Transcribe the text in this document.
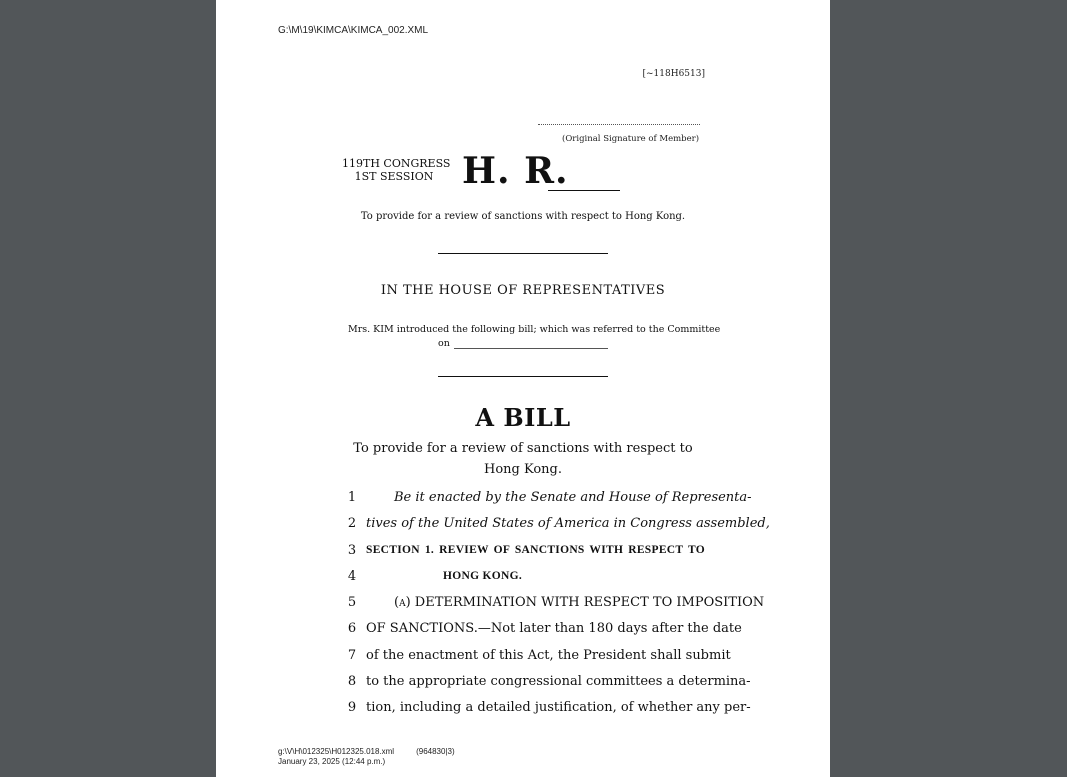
G:\M\19\KIMCA\KIMCA_002.XML
[~118H6513]
(Original Signature of Member)
119TH CONGRESS
1ST SESSION H. R.
To provide for a review of sanctions with respect to Hong Kong.
IN THE HOUSE OF REPRESENTATIVES
Mrs. KIM introduced the following bill; which was referred to the Committee
on
A BILL
To provide for a review of sanctions with respect to Hong Kong.
1	Be it enacted by the Senate and House of Representa-
2 tives of the United States of America in Congress assembled,
3 SECTION 1. REVIEW OF SANCTIONS WITH RESPECT TO
4	HONG KONG.
5	(a) DETERMINATION WITH RESPECT TO IMPOSITION
6 OF SANCTIONS.—Not later than 180 days after the date
7 of the enactment of this Act, the President shall submit
8 to the appropriate congressional committees a determina-
9 tion, including a detailed justification, of whether any per-
g:\V\H\012325\H012325.018.xml	(964830|3)
January 23, 2025 (12:44 p.m.)
